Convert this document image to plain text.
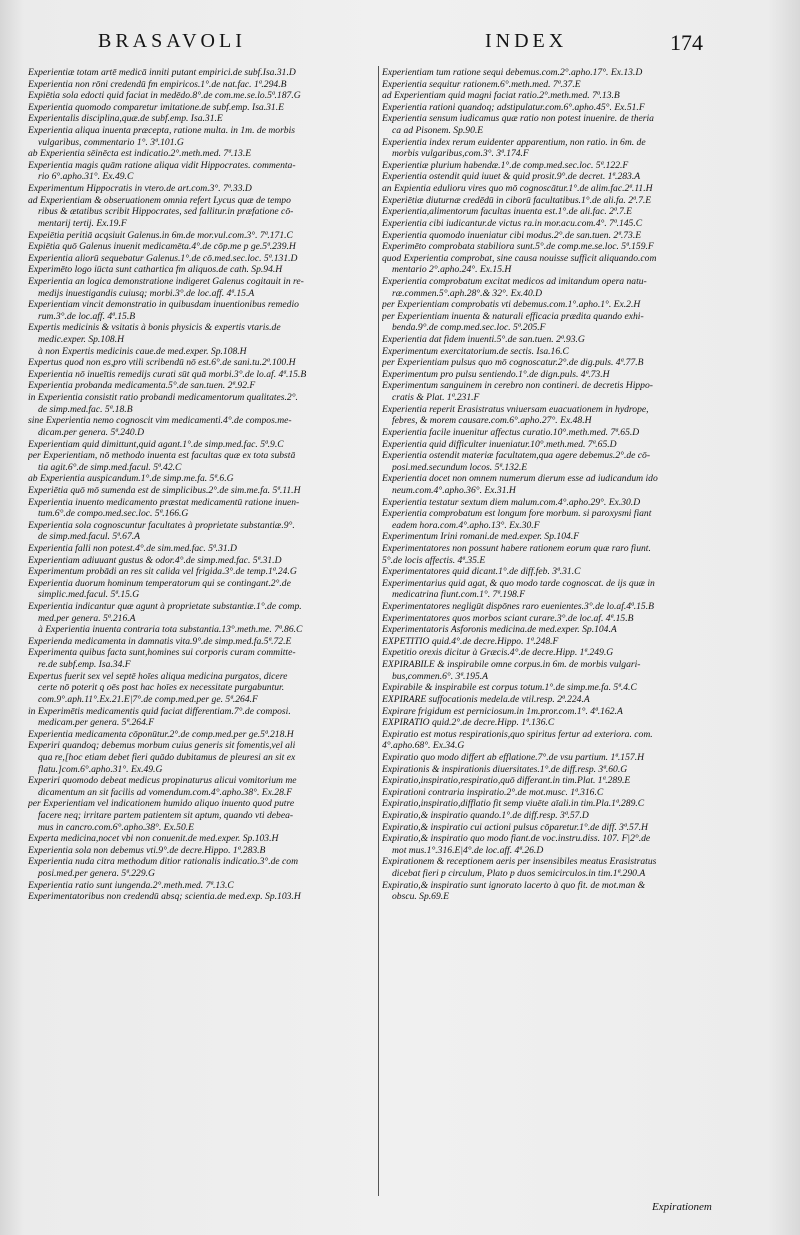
BRASAVOLI	INDEX	174
Experientiæ totam artē medicā inniti putant empirici.de subf.Isa.31.D
Experientia non rōni credendū fm empiricos.1°.de nat.fac. 1ª.294.B
Expiētia sola edocti quid faciat in medēdo.8°.de com.me.se.lo.5ª.187.G
Experientia quomodo comparetur imitatione.de subf.emp. Isa.31.E
Experientalis disciplina,quæ.de subf.emp. Isa.31.E
Experientia aliqua inuenta præcepta, ratione multa. in 1m. de morbis
vulgaribus, commentario 1°. 3ª.101.G
ab Experientia sēinēcta est indicatio.2°.meth.med. 7ª.13.E
Experientia magis quām ratione aliqua vidit Hippocrates. commenta-
rio 6°.apho.31°. Ex.49.C
Experimentum Hippocratis in vtero.de art.com.3°. 7ª.33.D
ad Experientiam & obseruationem omnia refert Lycus quæ de tempo
ribus & ætatibus scribit Hippocrates, sed fallitur.in præfatione cō-
mentarij tertij. Ex.19.F
Expeiētia peritiā acqsiuit Galenus.in 6m.de mor.vul.com.3°. 7ª.171.C
Expiētia quō Galenus inuenit medicamēta.4°.de cōp.me p ge.5ª.239.H
Experientia aliorū sequebatur Galenus.1°.de cō.med.sec.loc. 5ª.131.D
Experimēto logo iūcta sunt cathartica fm aliquos.de cath. Sp.94.H
Experientia an logica demonstratione indigeret Galenus cogitauit in re-
medijs inuestigandis cuiusq; morbi.3°.de loc.aff. 4ª.15.A
Experientiam vincit demonstratio in quibusdam inuentionibus remedio
rum.3°.de loc.aff. 4ª.15.B
Expertis medicinis & vsitatis à bonis physicis & expertis vtaris.de
medic.exper. Sp.108.H
à non Expertis medicinis caue.de med.exper. Sp.108.H
Expertus quod non es,pro vtili scribendū nō est.6°.de sani.tu.2ª.100.H
Experientia nō inueītis remedijs curati sūt quā morbi.3°.de lo.af. 4ª.15.B
Experientia probanda medicamenta.5°.de san.tuen. 2ª.92.F
in Experientia consistit ratio probandi medicamentorum qualitates.2°.
de simp.med.fac. 5ª.18.B
sine Experientia nemo cognoscit vim medicamenti.4°.de compos.me-
dicam.per genera. 5ª.240.D
Experientiam quid dimittunt,quid agant.1°.de simp.med.fac. 5ª.9.C
per Experientiam, nō methodo inuenta est facultas quæ ex tota substā
tia agit.6°.de simp.med.facul. 5ª.42.C
ab Experientia auspicandum.1°.de simp.me.fa. 5ª.6.G
Experiētia quō mō sumenda est de simplicibus.2°.de sim.me.fa. 5ª.11.H
Experientia inuento medicamento præstat medicamentū ratione inuen-
tum.6°.de compo.med.sec.loc. 5ª.166.G
Experientia sola cognoscuntur facultates à proprietate substantiæ.9°.
de simp.med.facul. 5ª.67.A
Experientia falli non potest.4°.de sim.med.fac. 5ª.31.D
Experientiam adiuuant gustus & odor.4°.de simp.med.fac. 5ª.31.D
Experimentum probādi an res sit calida vel frigida.3°.de temp.1ª.24.G
Experientia duorum hominum temperatorum qui se contingant.2°.de
simplic.med.facul. 5ª.15.G
Experientia indicantur quæ agunt à proprietate substantiæ.1°.de comp.
med.per genera. 5ª.216.A
à Experientia inuenta contraria tota substantia.13°.meth.me. 7ª.86.C
Experienda medicamenta in damnatis vita.9°.de simp.med.fa.5ª.72.E
Experimenta quibus facta sunt,homines sui corporis curam committe-
re.de subf.emp. Isa.34.F
Expertus fuerit sex vel septē hoīes aliqua medicina purgatos, dicere
certe nō poterit q oēs post hac hoīes ex necessitate purgabuntur.
com.9°.aph.11°.Ex.21.E|7°.de comp.med.per ge. 5ª.264.F
in Experimētis medicamentis quid faciat differentiam.7°.de composi.
medicam.per genera. 5ª.264.F
Experientia medicamenta cōponūtur.2°.de comp.med.per ge.5ª.218.H
Experiri quandoq; debemus morbum cuius generis sit fomentis,vel ali
qua re,[hoc etiam debet fieri quādo dubitamus de pleuresi an sit ex
flatu.]com.6°.apho.31°. Ex.49.G
Experiri quomodo debeat medicus propinaturus alicui vomitorium me
dicamentum an sit facilis ad vomendum.com.4°.apho.38°. Ex.28.F
per Experientiam vel indicationem humido aliquo inuento quod putre
facere neq; irritare partem patientem sit aptum, quando vti debea-
mus in cancro.com.6°.apho.38°. Ex.50.E
Experta medicina,nocet vbi non conuenit.de med.exper. Sp.103.H
Experientia sola non debemus vti.9°.de decre.Hippo. 1ª.283.B
Experientia nuda citra methodum ditior rationalis indicatio.3°.de com
posi.med.per genera. 5ª.229.G
Experientia ratio sunt iungenda.2°.meth.med. 7ª.13.C
Experimentatoribus non credendū absq; scientia.de med.exp. Sp.103.H
Experientiam tum ratione sequi debemus.com.2°.apho.17°. Ex.13.D
Experientia sequitur rationem.6°.meth.med. 7ª.37.E
ad Experientiam quid magni faciat ratio.2°.meth.med. 7ª.13.B
Experientia rationi quandoq; adstipulatur.com.6°.apho.45°. Ex.51.F
Experientia sensum iudicamus quæ ratio non potest inuenire. de theria
ca ad Pisonem. Sp.90.E
Experientia index rerum euidenter apparentium, non ratio. in 6m. de
morbis vulgaribus,com.3°. 3ª.174.F
Experientiæ plurium habendæ.1°.de comp.med.sec.loc. 5ª.122.F
Experientia ostendit quid iuuet & quid prosit.9°.de decret. 1ª.283.A
an Expientia edulioru vires quo mō cognoscātur.1°.de alim.fac.2ª.11.H
Experiētiæ diuturnæ credēdū in ciborū facultatibus.1°.de ali.fa. 2ª.7.E
Experientia,alimentorum facultas inuenta est.1°.de ali.fac. 2ª.7.E
Experientia cibi iudicantur.de victus ra.in mor.acu.com.4°. 7ª.145.C
Experientia quomodo inueniatur cibi modus.2°.de san.tuen. 2ª.73.E
Experimēto comprobata stabiliora sunt.5°.de comp.me.se.loc. 5ª.159.F
quod Experientia comprobat, sine causa nouisse sufficit aliquando.com
mentario 2°.apho.24°. Ex.15.H
Experientia comprobatum excitat medicos ad imitandum opera natu-
ræ.commen.5°.aph.28°.& 32°. Ex.40.D
per Experientiam comprobatis vti debemus.com.1°.apho.1°. Ex.2.H
per Experientiam inuenta & naturali efficacia prædita quando exhi-
benda.9°.de comp.med.sec.loc. 5ª.205.F
Experientia dat fidem inuenti.5°.de san.tuen. 2ª.93.G
Experimentum exercitatorium.de sectis. Isa.16.C
per Experientiam pulsus quo mō cognoscatur.2°.de dig.puls. 4ª.77.B
Experimentum pro pulsu sentiendo.1°.de dign.puls. 4ª.73.H
Experimentum sanguinem in cerebro non contineri. de decretis Hippo-
cratis & Plat. 1ª.231.F
Experientia reperit Erasistratus vniuersam euacuationem in hydrope,
febres, & morem causare.com.6°.apho.27°. Ex.48.H
Experientia facile inuenitur affectus curatio.10°.meth.med. 7ª.65.D
Experientia quid difficulter inueniatur.10°.meth.med. 7ª.65.D
Experientia ostendit materiæ facultatem,qua agere debemus.2°.de cō-
posi.med.secundum locos. 5ª.132.E
Experientia docet non omnem numerum dierum esse ad iudicandum ido
neum.com.4°.apho.36°. Ex.31.H
Experientia testatur sextum diem malum.com.4°.apho.29°. Ex.30.D
Experientia comprobatum est longum fore morbum. si paroxysmi fiant
eadem hora.com.4°.apho.13°. Ex.30.F
Experimentum Irini romani.de med.exper. Sp.104.F
Experimentatores non possunt habere rationem eorum quæ raro fiunt.
5°.de locis affectis. 4ª.35.E
Experimentatores quid dicant.1°.de diff.feb. 3ª.31.C
Experimentarius quid agat, & quo modo tarde cognoscat. de ijs quæ in
medicatrina fiunt.com.1°. 7ª.198.F
Experimentatores negligūt dispōnes raro euenientes.3°.de lo.af.4ª.15.B
Experimentatores quos morbos sciant curare.3°.de loc.af. 4ª.15.B
Experimentatoris Asforonis medicina.de med.exper. Sp.104.A
EXPETITIO quid.4°.de decre.Hippo. 1ª.248.F
Expetitio orexis dicitur à Græcis.4°.de decre.Hipp. 1ª.249.G
EXPIRABILE & inspirabile omne corpus.in 6m. de morbis vulgari-
bus,commen.6°. 3ª.195.A
Expirabile & inspirabile est corpus totum.1°.de simp.me.fa. 5ª.4.C
EXPIRARE suffocationis medela.de vtil.resp. 2ª.224.A
Expirare frigidum est perniciosum.in 1m.pror.com.1°. 4ª.162.A
EXPIRATIO quid.2°.de decre.Hipp. 1ª.136.C
Expiratio est motus respirationis,quo spiritus fertur ad exteriora. com.
4°.apho.68°. Ex.34.G
Expiratio quo modo differt ab efflatione.7°.de vsu partium. 1ª.157.H
Expirationis & inspirationis diuersitates.1°.de diff.resp. 3ª.60.G
Expiratio,inspiratio,respiratio,quō differant.in tim.Plat. 1ª.289.E
Expirationi contraria inspiratio.2°.de mot.musc. 1ª.316.C
Expiratio,inspiratio,difflatio fit semp viuēte aīali.in tim.Pla.1ª.289.C
Expiratio,& inspiratio quando.1°.de diff.resp. 3ª.57.D
Expiratio,& inspiratio cui actioni pulsus cōparetur.1°.de diff. 3ª.57.H
Expiratio,& inspiratio quo modo fiant.de voc.instru.diss. 107. F|2°.de
mot mus.1°.316.E|4°.de loc.aff. 4ª.26.D
Expirationem & receptionem aeris per insensibiles meatus Erasistratus
dicebat fieri p circulum, Plato p duos semicirculos.in tim.1ª.290.A
Expiratio,& inspiratio sunt ignorato lacerto à quo fit. de mot.man &
obscu. Sp.69.E
Expirationem
